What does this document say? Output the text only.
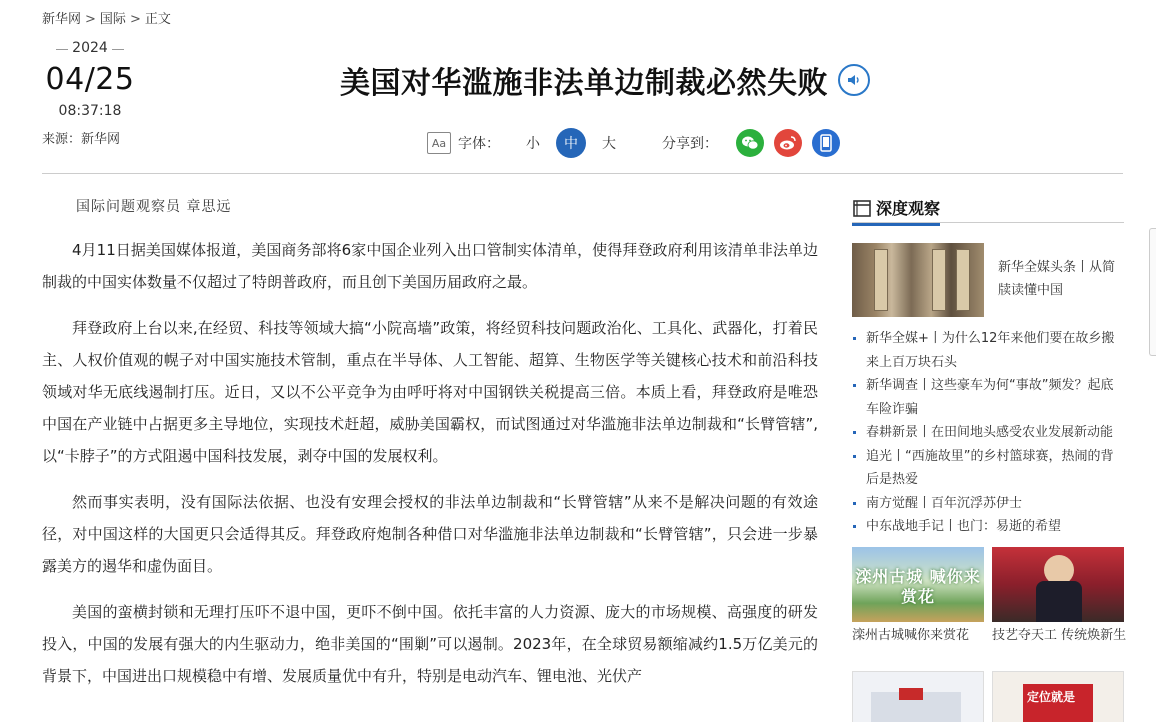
新华网 > 国际 > 正文
2024
04/25
08:37:18
来源：新华网
美国对华滥施非法单边制裁必然失败
Aa 字体：	小	中	大	分享到：
国际问题观察员 章思远

4月11日据美国媒体报道，美国商务部将6家中国企业列入出口管制实体清单，使得拜登政府利用该清单非法单边制裁的中国实体数量不仅超过了特朗普政府，而且创下美国历届政府之最。

拜登政府上台以来,在经贸、科技等领域大搞“小院高墙”政策，将经贸科技问题政治化、工具化、武器化，打着民主、人权价值观的幌子对中国实施技术管制，重点在半导体、人工智能、超算、生物医学等关键核心技术和前沿科技领域对华无底线遏制打压。近日，又以不公平竞争为由呼吁将对中国钢铁关税提高三倍。本质上看，拜登政府是唯恐中国在产业链中占据更多主导地位，实现技术赶超，威胁美国霸权，而试图通过对华滥施非法单边制裁和“长臂管辖”,以“卡脖子”的方式阻遏中国科技发展，剥夺中国的发展权利。

然而事实表明，没有国际法依据、也没有安理会授权的非法单边制裁和“长臂管辖”从来不是解决问题的有效途径，对中国这样的大国更只会适得其反。拜登政府炮制各种借口对华滥施非法单边制裁和“长臂管辖”，只会进一步暴露美方的遏华和虚伪面目。

美国的蛮横封锁和无理打压吓不退中国，更吓不倒中国。依托丰富的人力资源、庞大的市场规模、高强度的研发投入，中国的发展有强大的内生驱动力，绝非美国的“围剿”可以遏制。2023年，在全球贸易额缩减约1.5万亿美元的背景下，中国进出口规模稳中有增、发展质量优中有升，特别是电动汽车、锂电池、光伏产

深度观察
新华全媒头条丨从简牍读懂中国
新华全媒+丨为什么12年来他们要在故乡搬来上百万块石头
新华调查丨这些豪车为何“事故”频发？起底车险诈骗
春耕新景丨在田间地头感受农业发展新动能
追光丨“西施故里”的乡村篮球赛，热闹的背后是热爱
南方觉醒丨百年沉浮苏伊士
中东战地手记丨也门：易逝的希望
滦州古城 喊你来赏花
滦州古城喊你来赏花	技艺夺天工 传统焕新生
定位就是
